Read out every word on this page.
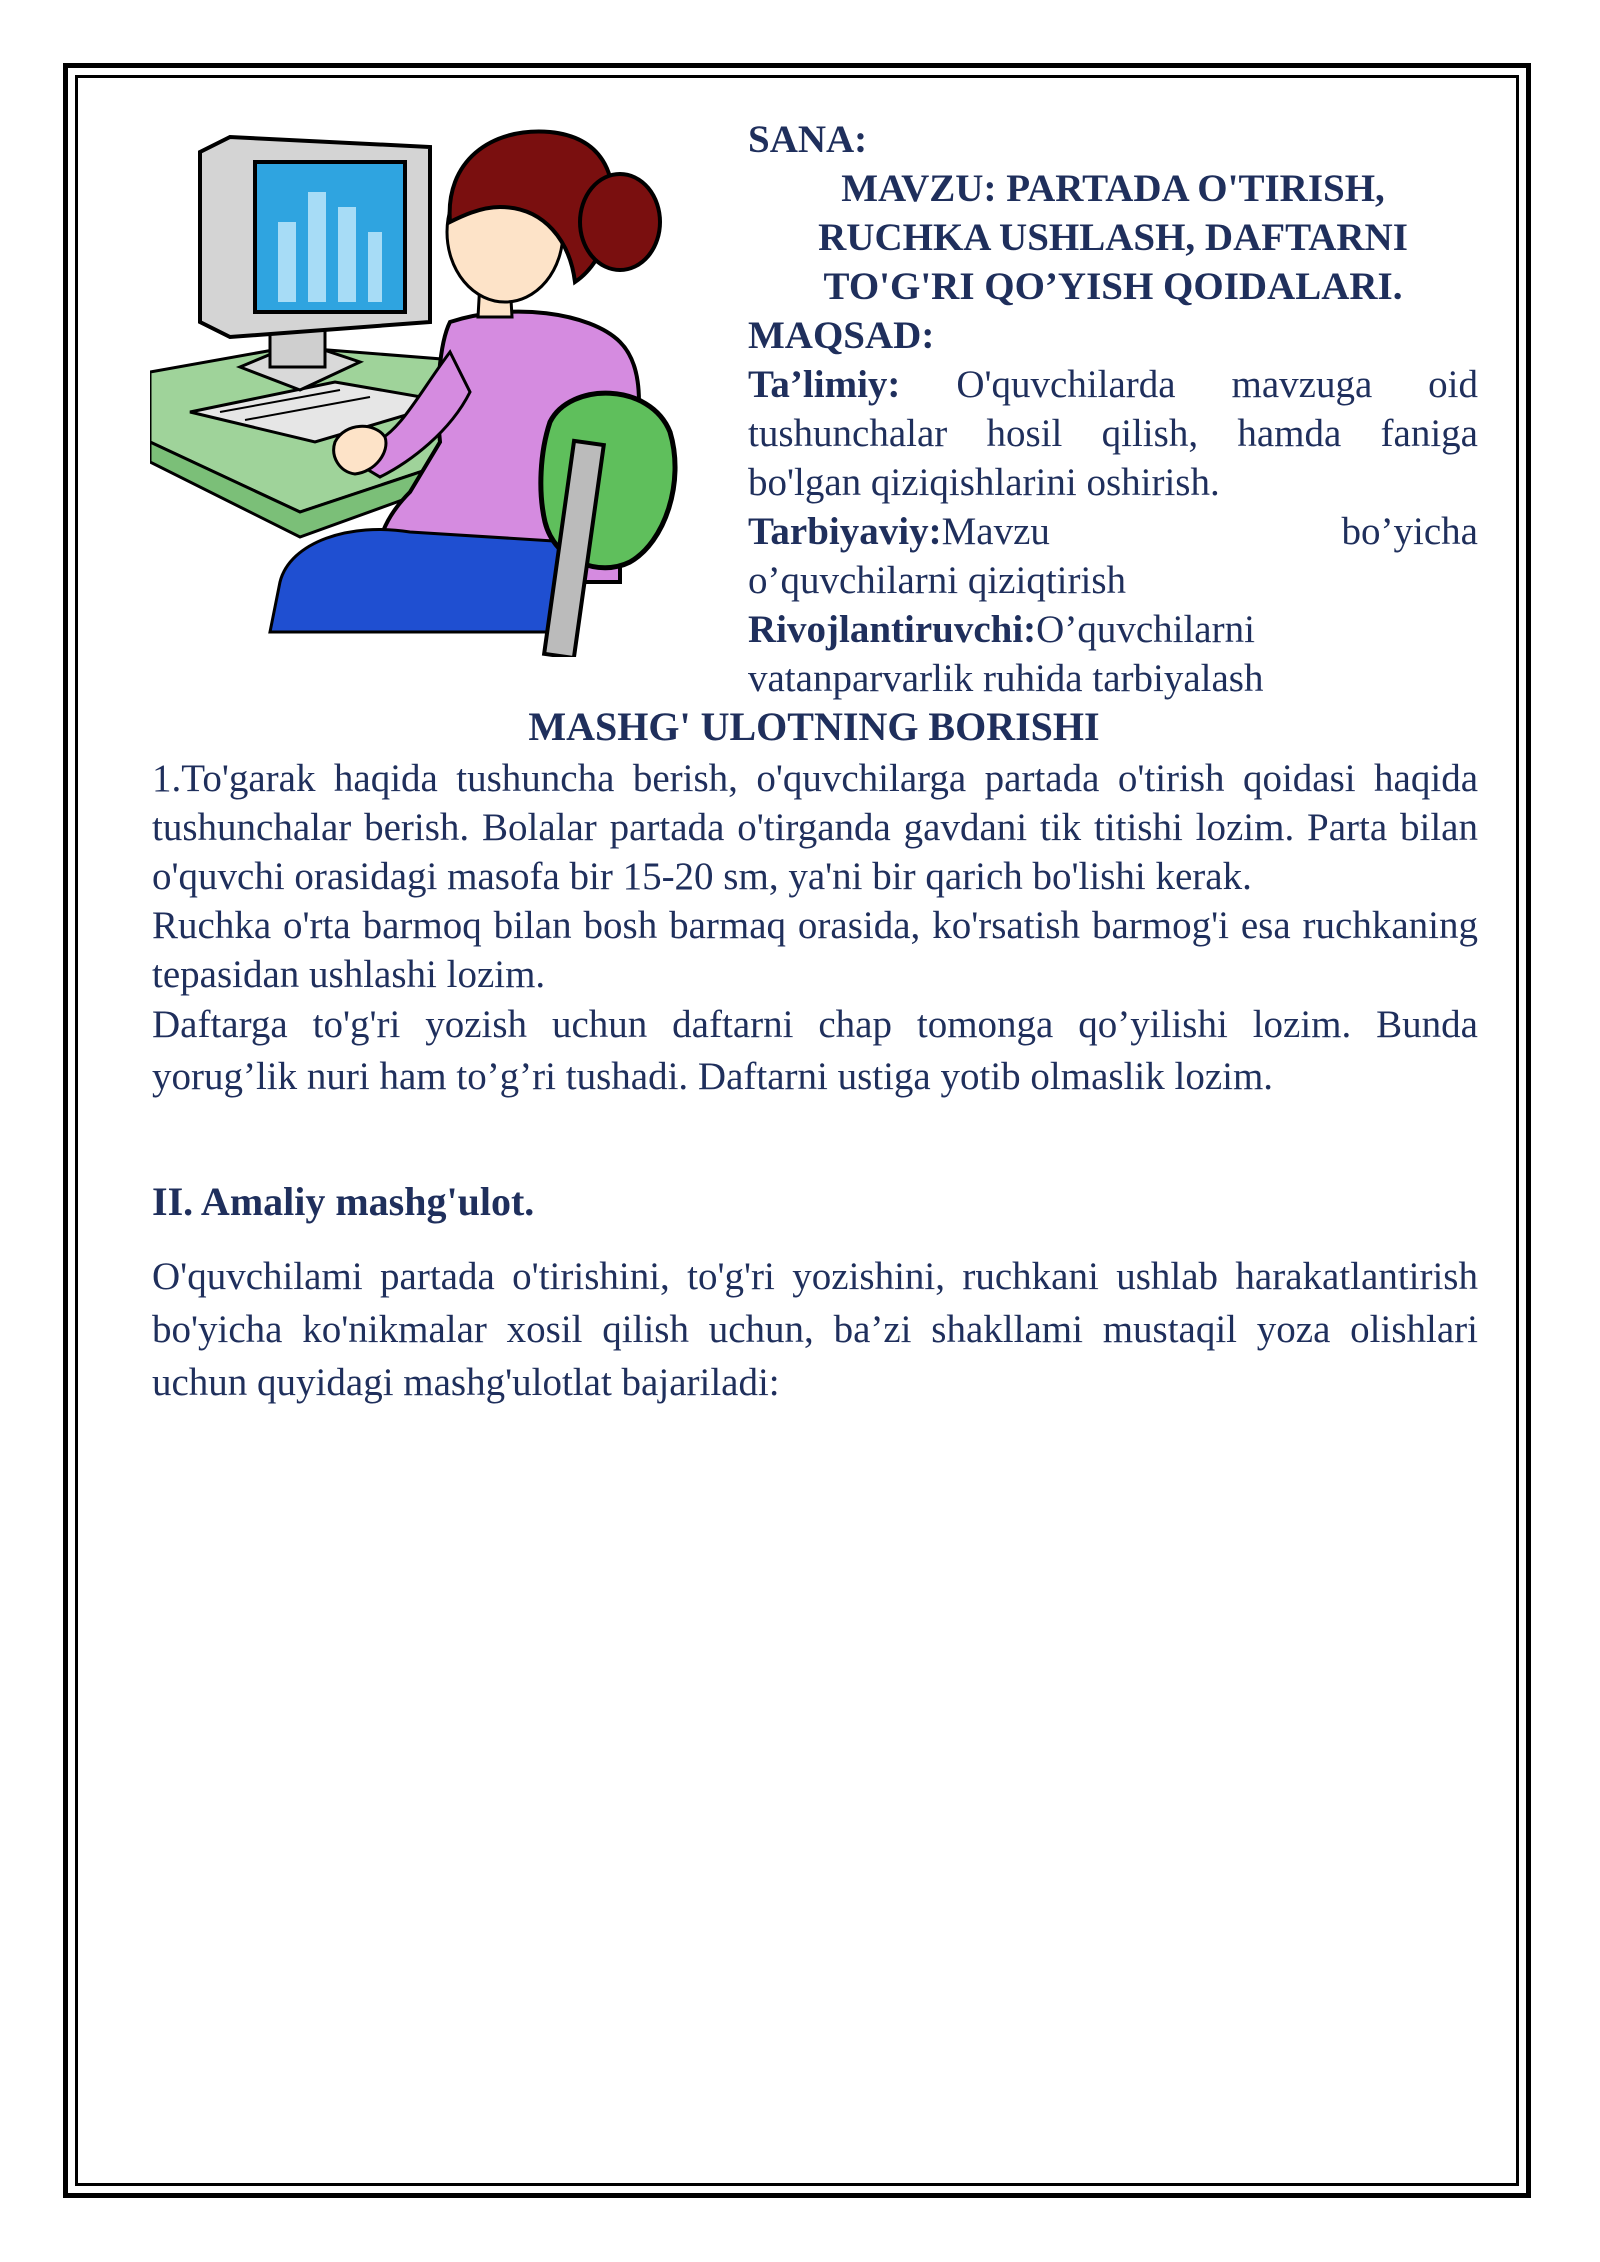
SANA:
MAVZU: PARTADA O'TIRISH,
RUCHKA USHLASH, DAFTARNI
TO'G'RI QO’YISH QOIDALARI.
MAQSAD:
Ta’limiy: O'quvchilarda mavzuga oid
tushunchalar hosil qilish, hamda faniga
bo'lgan qiziqishlarini oshirish.
Tarbiyaviy:Mavzu	bo’yicha
o’quvchilarni qiziqtirish
Rivojlantiruvchi:O’quvchilarni
vatanparvarlik ruhida tarbiyalash
MASHG' ULOTNING BORISHI

1.To'garak haqida tushuncha berish, o'quvchilarga partada o'tirish qoidasi haqida tushunchalar berish. Bolalar partada o'tirganda gavdani tik titishi lozim. Parta bilan o'quvchi orasidagi masofa bir 15-20 sm, ya'ni bir qarich bo'lishi kerak.

Ruchka o'rta barmoq bilan bosh barmaq orasida, ko'rsatish barmog'i esa ruchkaning tepasidan ushlashi lozim.

Daftarga to'g'ri yozish uchun daftarni chap tomonga qo’yilishi lozim. Bunda yorug’lik nuri ham to’g’ri tushadi. Daftarni ustiga yotib olmaslik lozim.

II. Amaliy mashg'ulot.
O'quvchilami partada o'tirishini, to'g'ri yozishini, ruchkani ushlab harakatlantirish bo'yicha ko'nikmalar xosil qilish uchun, ba’zi shakllami mustaqil yoza olishlari uchun quyidagi mashg'ulotlat bajariladi:
